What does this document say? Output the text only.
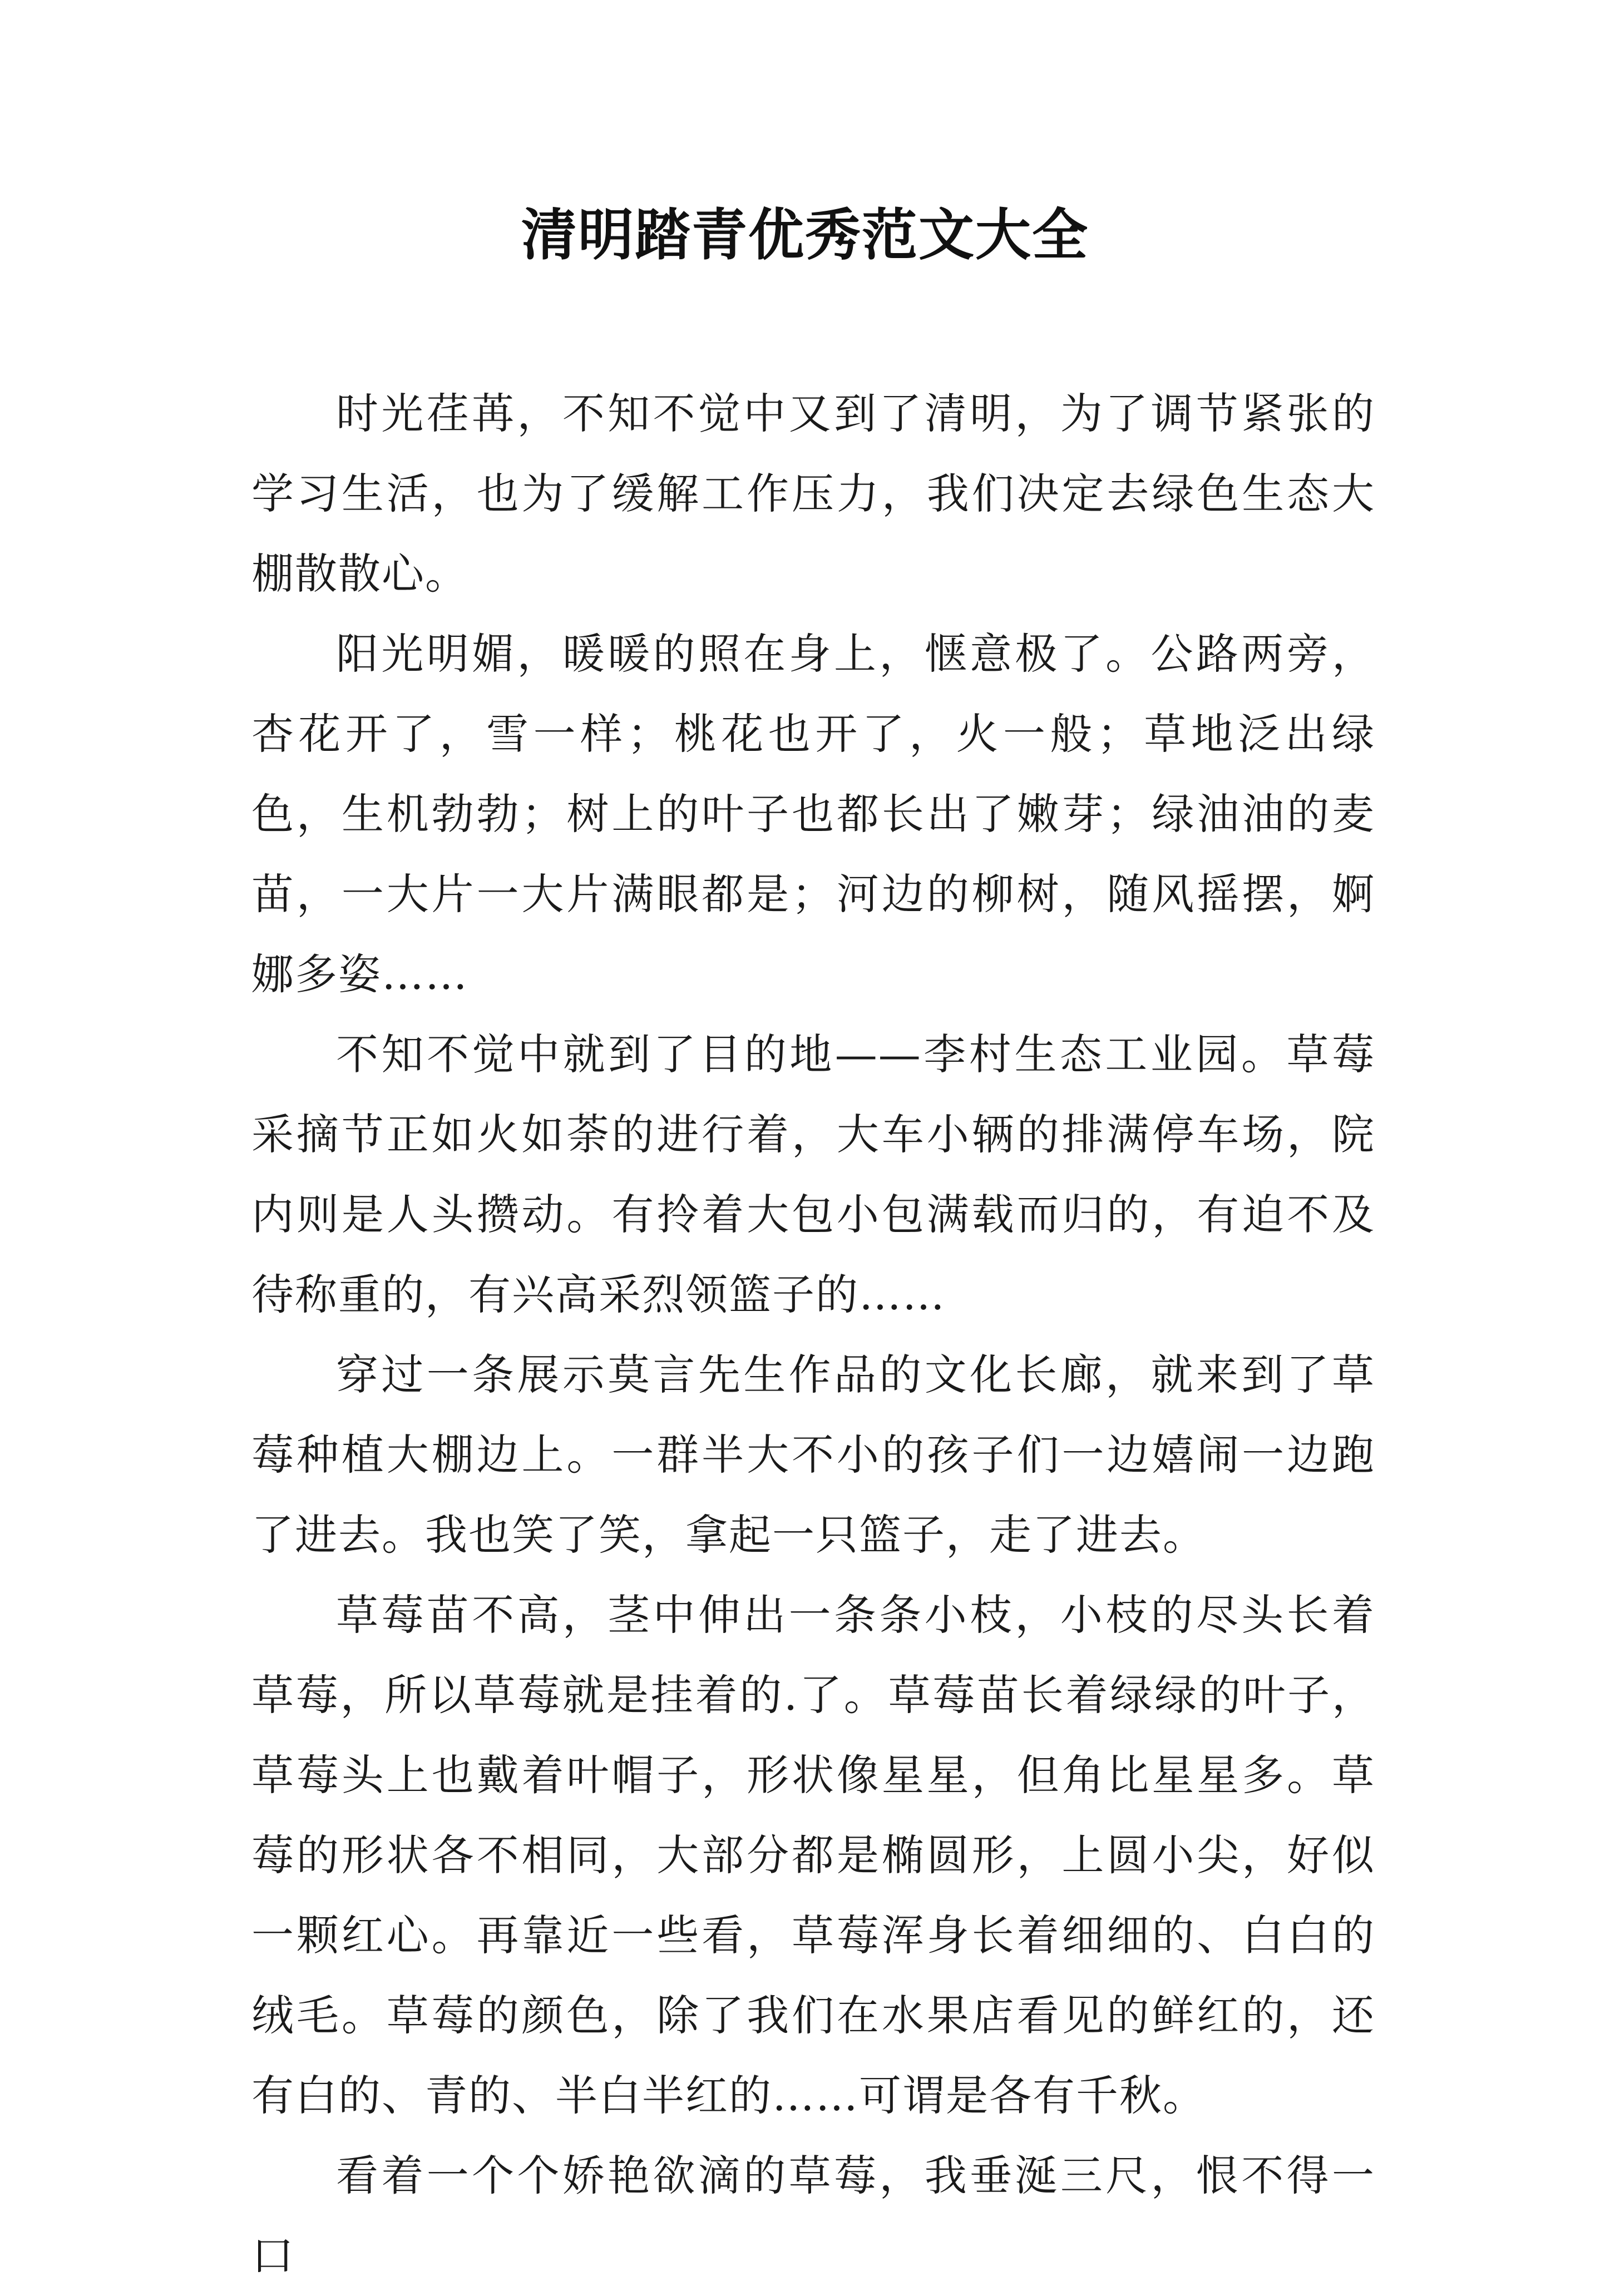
清明踏青优秀范文大全

时光荏苒，不知不觉中又到了清明，为了调节紧张的学习生活，也为了缓解工作压力，我们决定去绿色生态大棚散散心。

阳光明媚，暖暖的照在身上，惬意极了。公路两旁，杏花开了，雪一样；桃花也开了，火一般；草地泛出绿色，生机勃勃；树上的叶子也都长出了嫩芽；绿油油的麦苗，一大片一大片满眼都是；河边的柳树，随风摇摆，婀娜多姿……

不知不觉中就到了目的地——李村生态工业园。草莓采摘节正如火如荼的进行着，大车小辆的排满停车场，院内则是人头攒动。有拎着大包小包满载而归的，有迫不及待称重的，有兴高采烈领篮子的……

穿过一条展示莫言先生作品的文化长廊，就来到了草莓种植大棚边上。一群半大不小的孩子们一边嬉闹一边跑了进去。我也笑了笑，拿起一只篮子，走了进去。

草莓苗不高，茎中伸出一条条小枝，小枝的尽头长着草莓，所以草莓就是挂着的.了。草莓苗长着绿绿的叶子，草莓头上也戴着叶帽子，形状像星星，但角比星星多。草莓的形状各不相同，大部分都是椭圆形，上圆小尖，好似一颗红心。再靠近一些看，草莓浑身长着细细的、白白的绒毛。草莓的颜色，除了我们在水果店看见的鲜红的，还有白的、青的、半白半红的……可谓是各有千秋。

看着一个个娇艳欲滴的草莓，我垂涎三尺，恨不得一口
